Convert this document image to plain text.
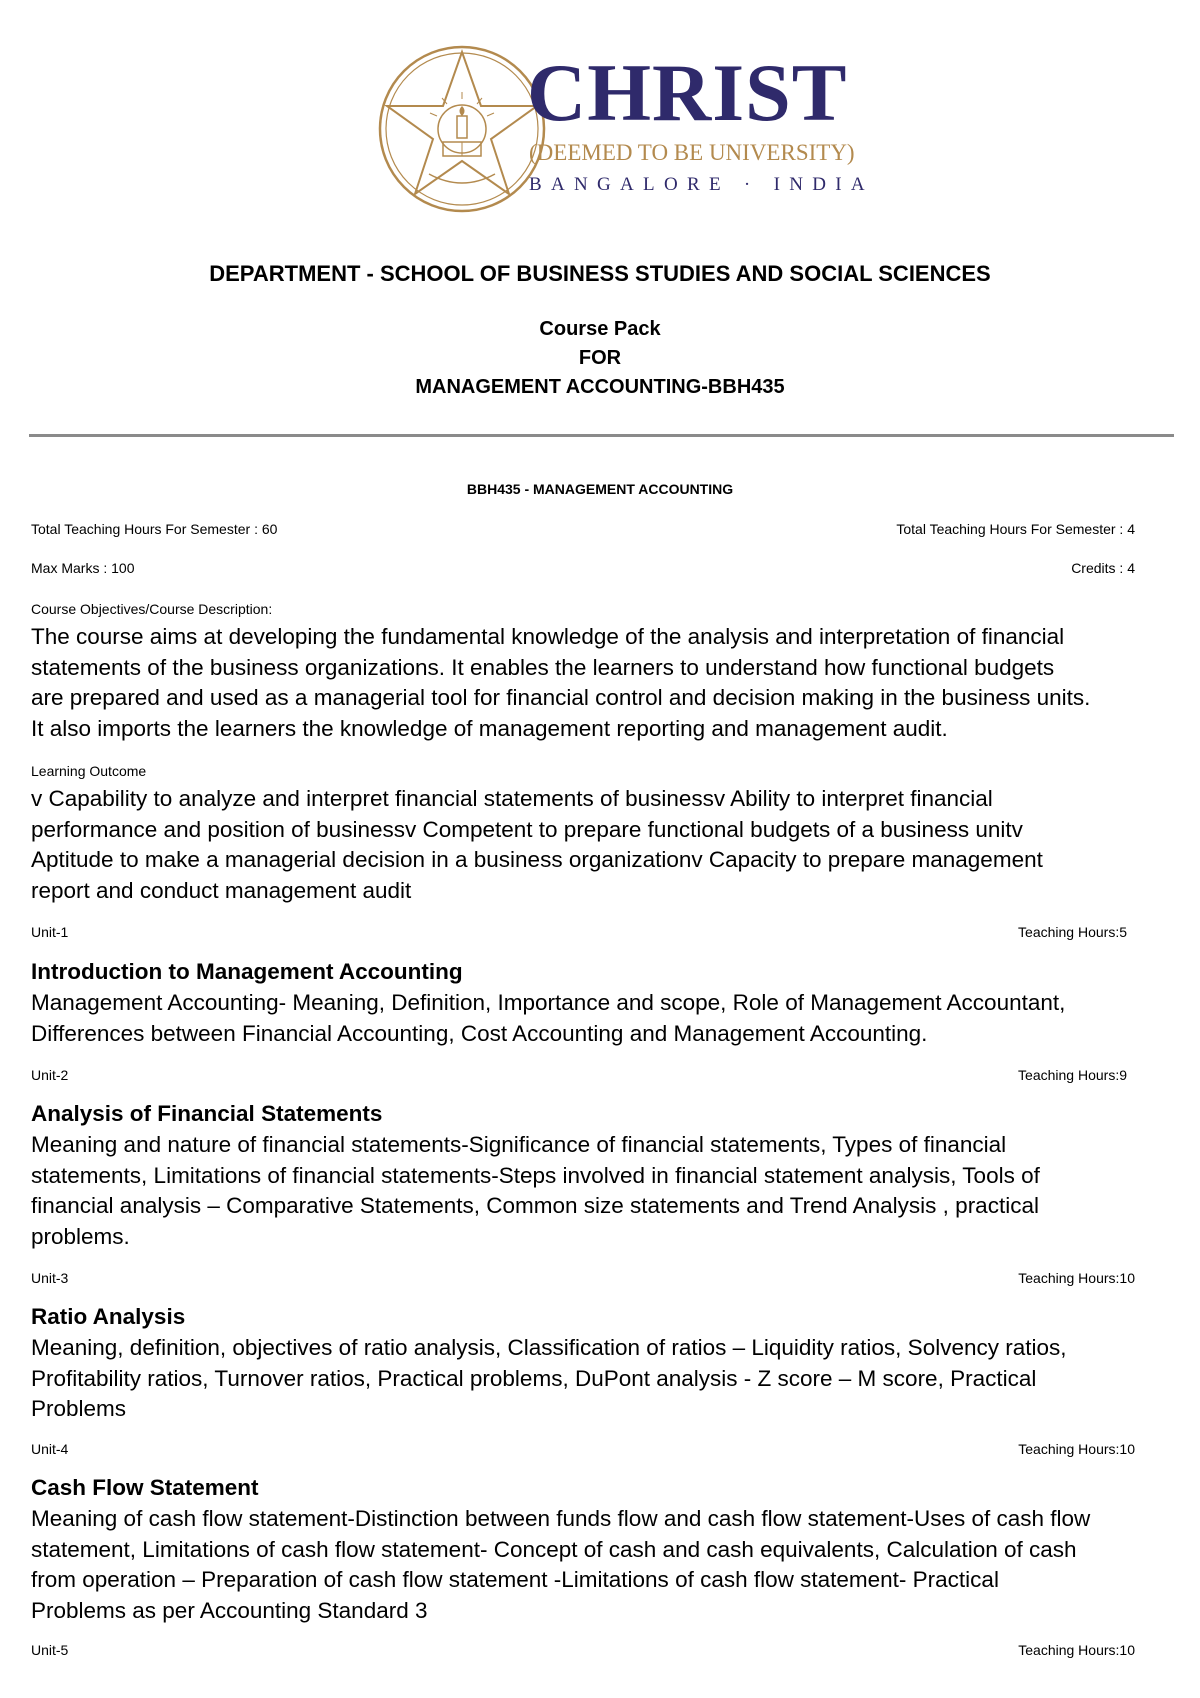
CHRIST UNIVERSITY CHRIST
(DEEMED TO BE UNIVERSITY)
BANGALORE · INDIA
DEPARTMENT - SCHOOL OF BUSINESS STUDIES AND SOCIAL SCIENCES
Course Pack
FOR
MANAGEMENT ACCOUNTING-BBH435
BBH435 - MANAGEMENT ACCOUNTING
Total Teaching Hours For Semester : 60	Total Teaching Hours For Semester : 4
Max Marks : 100	Credits : 4
Course Objectives/Course Description:
The course aims at developing the fundamental knowledge of the analysis and interpretation of financial
statements of the business organizations. It enables the learners to understand how functional budgets
are prepared and used as a managerial tool for financial control and decision making in the business units.
It also imports the learners the knowledge of management reporting and management audit.
Learning Outcome
v Capability to analyze and interpret financial statements of businessv Ability to interpret financial
performance and position of businessv Competent to prepare functional budgets of a business unitv
Aptitude to make a managerial decision in a business organizationv Capacity to prepare management
report and conduct management audit
Unit-1	Teaching Hours:5
Introduction to Management Accounting
Management Accounting- Meaning, Definition, Importance and scope, Role of Management Accountant,
Differences between Financial Accounting, Cost Accounting and Management Accounting.
Unit-2	Teaching Hours:9
Analysis of Financial Statements
Meaning and nature of financial statements-Significance of financial statements, Types of financial
statements, Limitations of financial statements-Steps involved in financial statement analysis, Tools of
financial analysis – Comparative Statements, Common size statements and Trend Analysis , practical
problems.
Unit-3	Teaching Hours:10
Ratio Analysis
Meaning, definition, objectives of ratio analysis, Classification of ratios – Liquidity ratios, Solvency ratios,
Profitability ratios, Turnover ratios, Practical problems, DuPont analysis - Z score – M score, Practical
Problems
Unit-4	Teaching Hours:10
Cash Flow Statement
Meaning of cash flow statement-Distinction between funds flow and cash flow statement-Uses of cash flow
statement, Limitations of cash flow statement- Concept of cash and cash equivalents, Calculation of cash
from operation – Preparation of cash flow statement -Limitations of cash flow statement- Practical
Problems as per Accounting Standard 3
Unit-5	Teaching Hours:10
